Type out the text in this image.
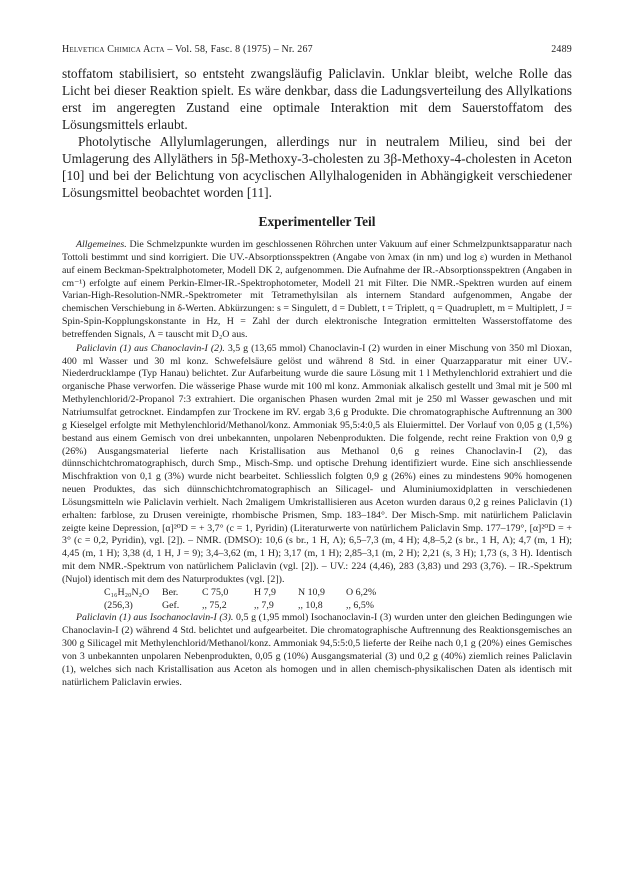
Helvetica Chimica Acta – Vol. 58, Fasc. 8 (1975) – Nr. 267	2489

stoffatom stabilisiert, so entsteht zwangsläufig Paliclavin. Unklar bleibt, welche Rolle das Licht bei dieser Reaktion spielt. Es wäre denkbar, dass die Ladungsverteilung des Allylkations erst im angeregten Zustand eine optimale Interaktion mit dem Sauerstoffatom des Lösungsmittels erlaubt.

Photolytische Allylumlagerungen, allerdings nur in neutralem Milieu, sind bei der Umlagerung des Allyläthers in 5β-Methoxy-3-cholesten zu 3β-Methoxy-4-cholesten in Aceton [10] und bei der Belichtung von acyclischen Allylhalogeniden in Abhängigkeit verschiedener Lösungsmittel beobachtet worden [11].

Experimenteller Teil

Allgemeines. Die Schmelzpunkte wurden im geschlossenen Röhrchen unter Vakuum auf einer Schmelzpunktsapparatur nach Tottoli bestimmt und sind korrigiert. Die UV.-Absorptionsspektren (Angabe von λmax (in nm) und log ε) wurden in Methanol auf einem Beckman-Spektralphotometer, Modell DK 2, aufgenommen. Die Aufnahme der IR.-Absorptionsspektren (Angaben in cm⁻¹) erfolgte auf einem Perkin-Elmer-IR.-Spektrophotometer, Modell 21 mit Filter. Die NMR.-Spektren wurden auf einem Varian-High-Resolution-NMR.-Spektrometer mit Tetramethylsilan als internem Standard aufgenommen, Angabe der chemischen Verschiebung in δ-Werten. Abkürzungen: s = Singulett, d = Dublett, t = Triplett, q = Quadruplett, m = Multiplett, J = Spin-Spin-Kopplungskonstante in Hz, H = Zahl der durch elektronische Integration ermittelten Wasserstoffatome des betreffenden Signals, Λ = tauscht mit D₂O aus.

Paliclavin (1) aus Chanoclavin-I (2). 3,5 g (13,65 mmol) Chanoclavin-I (2) wurden in einer Mischung von 350 ml Dioxan, 400 ml Wasser und 30 ml konz. Schwefelsäure gelöst und während 8 Std. in einer Quarzapparatur mit einer UV.-Niederdrucklampe (Typ Hanau) belichtet. Zur Aufarbeitung wurde die saure Lösung mit 1 l Methylenchlorid extrahiert und die organische Phase verworfen. Die wässerige Phase wurde mit 100 ml konz. Ammoniak alkalisch gestellt und 3mal mit je 500 ml Methylenchlorid/2-Propanol 7:3 extrahiert. Die organischen Phasen wurden 2mal mit je 250 ml Wasser gewaschen und mit Natriumsulfat getrocknet. Eindampfen zur Trockene im RV. ergab 3,6 g Produkte. Die chromatographische Auftrennung an 300 g Kieselgel erfolgte mit Methylenchlorid/Methanol/konz. Ammoniak 95,5:4:0,5 als Eluiermittel. Der Vorlauf von 0,05 g (1,5%) bestand aus einem Gemisch von drei unbekannten, unpolaren Nebenprodukten. Die folgende, recht reine Fraktion von 0,9 g (26%) Ausgangsmaterial lieferte nach Kristallisation aus Methanol 0,6 g reines Chanoclavin-I (2), das dünnschichtchromatographisch, durch Smp., Misch-Smp. und optische Drehung identifiziert wurde. Eine sich anschliessende Mischfraktion von 0,1 g (3%) wurde nicht bearbeitet. Schliesslich folgten 0,9 g (26%) eines zu mindestens 90% homogenen neuen Produktes, das sich dünnschichtchromatographisch an Silicagel- und Aluminiumoxidplatten in verschiedenen Lösungsmitteln wie Paliclavin verhielt. Nach 2maligem Umkristallisieren aus Aceton wurden daraus 0,2 g reines Paliclavin (1) erhalten: farblose, zu Drusen vereinigte, rhombische Prismen, Smp. 183–184°. Der Misch-Smp. mit natürlichem Paliclavin zeigte keine Depression, [α]²⁰D = + 3,7° (c = 1, Pyridin) (Literaturwerte von natürlichem Paliclavin Smp. 177–179°, [α]²⁰D = + 3° (c = 0,2, Pyridin), vgl. [2]). – NMR. (DMSO): 10,6 (s br., 1 H, Λ); 6,5–7,3 (m, 4 H); 4,8–5,2 (s br., 1 H, Λ); 4,7 (m, 1 H); 4,45 (m, 1 H); 3,38 (d, 1 H, J = 9); 3,4–3,62 (m, 1 H); 3,17 (m, 1 H); 2,85–3,1 (m, 2 H); 2,21 (s, 3 H); 1,73 (s, 3 H). Identisch mit dem NMR.-Spektrum von natürlichem Paliclavin (vgl. [2]). – UV.: 224 (4,46), 283 (3,83) und 293 (3,76). – IR.-Spektrum (Nujol) identisch mit dem des Naturproduktes (vgl. [2]).

C₁₆H₂₀N₂O	Ber.	C 75,0	H 7,9	N 10,9	O 6,2%
(256,3)	Gef.	,, 75,2	,, 7,9	,, 10,8	,, 6,5%

Paliclavin (1) aus Isochanoclavin-I (3). 0,5 g (1,95 mmol) Isochanoclavin-I (3) wurden unter den gleichen Bedingungen wie Chanoclavin-I (2) während 4 Std. belichtet und aufgearbeitet. Die chromatographische Auftrennung des Reaktionsgemisches an 300 g Silicagel mit Methylenchlorid/Methanol/konz. Ammoniak 94,5:5:0,5 lieferte der Reihe nach 0,1 g (20%) eines Gemisches von 3 unbekannten unpolaren Nebenprodukten, 0,05 g (10%) Ausgangsmaterial (3) und 0,2 g (40%) ziemlich reines Paliclavin (1), welches sich nach Kristallisation aus Aceton als homogen und in allen chemisch-physikalischen Daten als identisch mit natürlichem Paliclavin erwies.
